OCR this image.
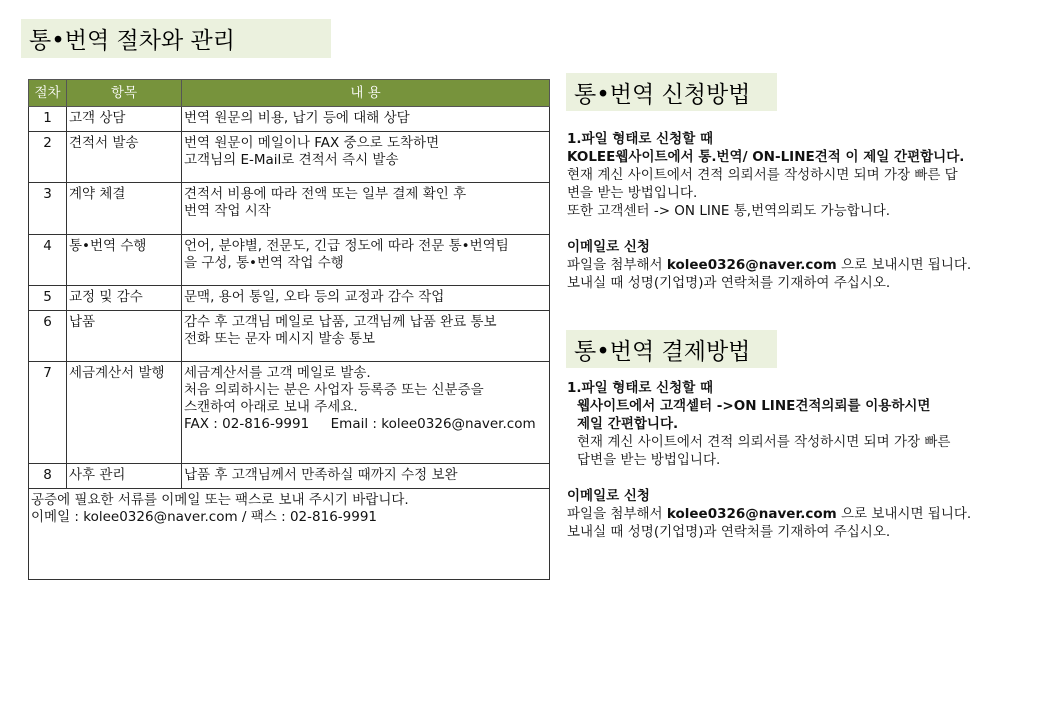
통•번역 절차와 관리
절차	항목	내 용
1	고객 상담	번역 원문의 비용, 납기 등에 대해 상담

2	견적서 발송	번역 원문이 메일이나 FAX 중으로 도착하면
고객님의 E-Mail로 견적서 즉시 발송

3	계약 체결	견적서 비용에 따라 전액 또는 일부 결제 확인 후
번역 작업 시작

4	통•번역 수행	언어, 분야별, 전문도, 긴급 정도에 따라 전문 통•번역팀
을 구성, 통•번역 작업 수행

5	교정 및 감수	문맥, 용어 통일, 오타 등의 교정과 감수 작업

6	납품	감수 후 고객님 메일로 납품, 고객님께 납품 완료 통보
전화 또는 문자 메시지 발송 통보

7	세금계산서 발행	세금계산서를 고객 메일로 발송.
처음 의뢰하시는 분은 사업자 등록증 또는 신분증을
스캔하여 아래로 보내 주세요.
FAX : 02-816-9991     Email : kolee0326@naver.com

8	사후 관리	납품 후 고객님께서 만족하실 때까지 수정 보완

공증에 필요한 서류를 이메일 또는 팩스로 보내 주시기 바랍니다.
이메일 : kolee0326@naver.com / 팩스 : 02-816-9991		
통•번역 신청방법
1.파일 형태로 신청할 때
KOLEE웹사이트에서 통.번역/ ON-LINE견적 이 제일 간편합니다.
현재 계신 사이트에서 견적 의뢰서를 작성하시면 되며 가장 빠른 답
변을 받는 방법입니다.
또한 고객센터 -> ON LINE 통,번역의뢰도 가능합니다.
이메일로 신청
파일을 첨부해서 kolee0326@naver.com 으로 보내시면 됩니다.
보내실 때 성명(기업명)과 연락처를 기재하여 주십시오.
통•번역 결제방법
1.파일 형태로 신청할 때
웹사이트에서 고객셑터 ->ON LINE견적의뢰를 이용하시면
제일 간편합니다.
현재 계신 사이트에서 견적 의뢰서를 작성하시면 되며 가장 빠른
답변을 받는 방법입니다.
이메일로 신청
파일을 첨부해서 kolee0326@naver.com 으로 보내시면 됩니다.
보내실 때 성명(기업명)과 연락처를 기재하여 주십시오.
